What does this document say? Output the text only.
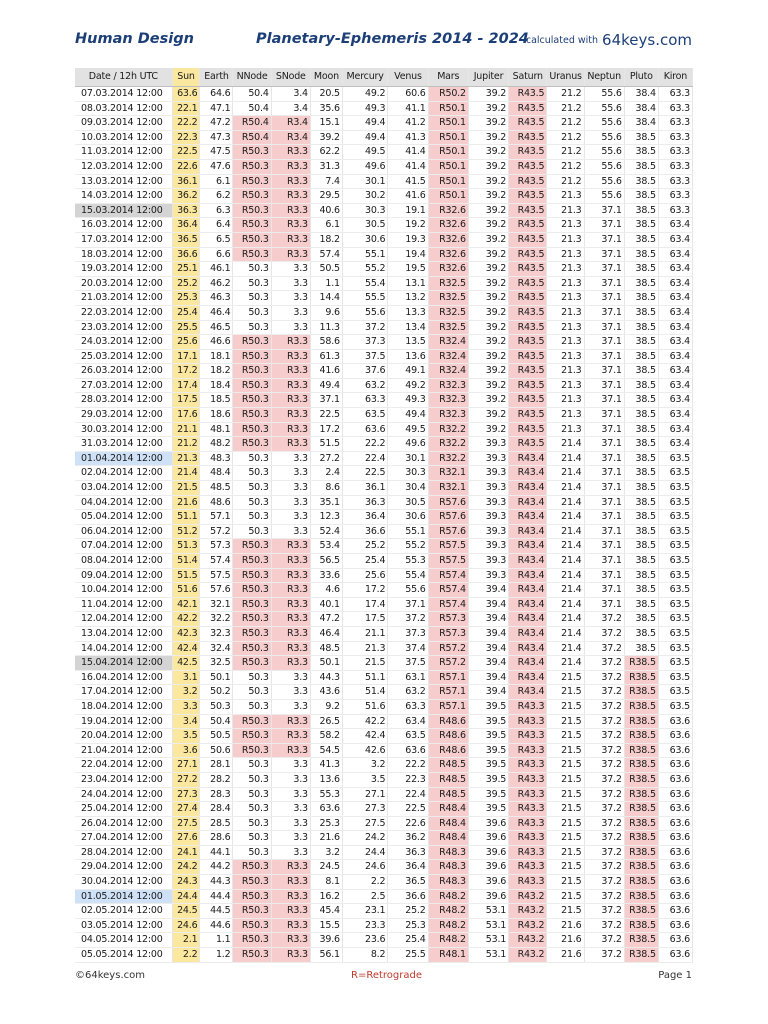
Human Design	Planetary-Ephemeris 2014 - 2024
calculated with 64keys.com
Date / 12h UTC	Sun	Earth	NNode	SNode	Moon	Mercury	Venus	Mars	Jupiter	Saturn	Uranus	Neptun	Pluto	Kiron
07.03.2014 12:00	63.6	64.6	50.4	3.4	20.5	49.2	60.6	R50.2	39.2	R43.5	21.2	55.6	38.4	63.3
08.03.2014 12:00	22.1	47.1	50.4	3.4	35.6	49.3	41.1	R50.1	39.2	R43.5	21.2	55.6	38.4	63.3
09.03.2014 12:00	22.2	47.2	R50.4	R3.4	15.1	49.4	41.2	R50.1	39.2	R43.5	21.2	55.6	38.4	63.3
10.03.2014 12:00	22.3	47.3	R50.4	R3.4	39.2	49.4	41.3	R50.1	39.2	R43.5	21.2	55.6	38.5	63.3
11.03.2014 12:00	22.5	47.5	R50.3	R3.3	62.2	49.5	41.4	R50.1	39.2	R43.5	21.2	55.6	38.5	63.3
12.03.2014 12:00	22.6	47.6	R50.3	R3.3	31.3	49.6	41.4	R50.1	39.2	R43.5	21.2	55.6	38.5	63.3
13.03.2014 12:00	36.1	6.1	R50.3	R3.3	7.4	30.1	41.5	R50.1	39.2	R43.5	21.2	55.6	38.5	63.3
14.03.2014 12:00	36.2	6.2	R50.3	R3.3	29.5	30.2	41.6	R50.1	39.2	R43.5	21.3	55.6	38.5	63.3
15.03.2014 12:00	36.3	6.3	R50.3	R3.3	40.6	30.3	19.1	R32.6	39.2	R43.5	21.3	37.1	38.5	63.3
16.03.2014 12:00	36.4	6.4	R50.3	R3.3	6.1	30.5	19.2	R32.6	39.2	R43.5	21.3	37.1	38.5	63.4
17.03.2014 12:00	36.5	6.5	R50.3	R3.3	18.2	30.6	19.3	R32.6	39.2	R43.5	21.3	37.1	38.5	63.4
18.03.2014 12:00	36.6	6.6	R50.3	R3.3	57.4	55.1	19.4	R32.6	39.2	R43.5	21.3	37.1	38.5	63.4
19.03.2014 12:00	25.1	46.1	50.3	3.3	50.5	55.2	19.5	R32.6	39.2	R43.5	21.3	37.1	38.5	63.4
20.03.2014 12:00	25.2	46.2	50.3	3.3	1.1	55.4	13.1	R32.5	39.2	R43.5	21.3	37.1	38.5	63.4
21.03.2014 12:00	25.3	46.3	50.3	3.3	14.4	55.5	13.2	R32.5	39.2	R43.5	21.3	37.1	38.5	63.4
22.03.2014 12:00	25.4	46.4	50.3	3.3	9.6	55.6	13.3	R32.5	39.2	R43.5	21.3	37.1	38.5	63.4
23.03.2014 12:00	25.5	46.5	50.3	3.3	11.3	37.2	13.4	R32.5	39.2	R43.5	21.3	37.1	38.5	63.4
24.03.2014 12:00	25.6	46.6	R50.3	R3.3	58.6	37.3	13.5	R32.4	39.2	R43.5	21.3	37.1	38.5	63.4
25.03.2014 12:00	17.1	18.1	R50.3	R3.3	61.3	37.5	13.6	R32.4	39.2	R43.5	21.3	37.1	38.5	63.4
26.03.2014 12:00	17.2	18.2	R50.3	R3.3	41.6	37.6	49.1	R32.4	39.2	R43.5	21.3	37.1	38.5	63.4
27.03.2014 12:00	17.4	18.4	R50.3	R3.3	49.4	63.2	49.2	R32.3	39.2	R43.5	21.3	37.1	38.5	63.4
28.03.2014 12:00	17.5	18.5	R50.3	R3.3	37.1	63.3	49.3	R32.3	39.2	R43.5	21.3	37.1	38.5	63.4
29.03.2014 12:00	17.6	18.6	R50.3	R3.3	22.5	63.5	49.4	R32.3	39.2	R43.5	21.3	37.1	38.5	63.4
30.03.2014 12:00	21.1	48.1	R50.3	R3.3	17.2	63.6	49.5	R32.2	39.2	R43.5	21.3	37.1	38.5	63.4
31.03.2014 12:00	21.2	48.2	R50.3	R3.3	51.5	22.2	49.6	R32.2	39.3	R43.5	21.4	37.1	38.5	63.4
01.04.2014 12:00	21.3	48.3	50.3	3.3	27.2	22.4	30.1	R32.2	39.3	R43.4	21.4	37.1	38.5	63.5
02.04.2014 12:00	21.4	48.4	50.3	3.3	2.4	22.5	30.3	R32.1	39.3	R43.4	21.4	37.1	38.5	63.5
03.04.2014 12:00	21.5	48.5	50.3	3.3	8.6	36.1	30.4	R32.1	39.3	R43.4	21.4	37.1	38.5	63.5
04.04.2014 12:00	21.6	48.6	50.3	3.3	35.1	36.3	30.5	R57.6	39.3	R43.4	21.4	37.1	38.5	63.5
05.04.2014 12:00	51.1	57.1	50.3	3.3	12.3	36.4	30.6	R57.6	39.3	R43.4	21.4	37.1	38.5	63.5
06.04.2014 12:00	51.2	57.2	50.3	3.3	52.4	36.6	55.1	R57.6	39.3	R43.4	21.4	37.1	38.5	63.5
07.04.2014 12:00	51.3	57.3	R50.3	R3.3	53.4	25.2	55.2	R57.5	39.3	R43.4	21.4	37.1	38.5	63.5
08.04.2014 12:00	51.4	57.4	R50.3	R3.3	56.5	25.4	55.3	R57.5	39.3	R43.4	21.4	37.1	38.5	63.5
09.04.2014 12:00	51.5	57.5	R50.3	R3.3	33.6	25.6	55.4	R57.4	39.3	R43.4	21.4	37.1	38.5	63.5
10.04.2014 12:00	51.6	57.6	R50.3	R3.3	4.6	17.2	55.6	R57.4	39.4	R43.4	21.4	37.1	38.5	63.5
11.04.2014 12:00	42.1	32.1	R50.3	R3.3	40.1	17.4	37.1	R57.4	39.4	R43.4	21.4	37.1	38.5	63.5
12.04.2014 12:00	42.2	32.2	R50.3	R3.3	47.2	17.5	37.2	R57.3	39.4	R43.4	21.4	37.2	38.5	63.5
13.04.2014 12:00	42.3	32.3	R50.3	R3.3	46.4	21.1	37.3	R57.3	39.4	R43.4	21.4	37.2	38.5	63.5
14.04.2014 12:00	42.4	32.4	R50.3	R3.3	48.5	21.3	37.4	R57.2	39.4	R43.4	21.4	37.2	38.5	63.5
15.04.2014 12:00	42.5	32.5	R50.3	R3.3	50.1	21.5	37.5	R57.2	39.4	R43.4	21.4	37.2	R38.5	63.5
16.04.2014 12:00	3.1	50.1	50.3	3.3	44.3	51.1	63.1	R57.1	39.4	R43.4	21.5	37.2	R38.5	63.5
17.04.2014 12:00	3.2	50.2	50.3	3.3	43.6	51.4	63.2	R57.1	39.4	R43.4	21.5	37.2	R38.5	63.5
18.04.2014 12:00	3.3	50.3	50.3	3.3	9.2	51.6	63.3	R57.1	39.5	R43.3	21.5	37.2	R38.5	63.5
19.04.2014 12:00	3.4	50.4	R50.3	R3.3	26.5	42.2	63.4	R48.6	39.5	R43.3	21.5	37.2	R38.5	63.6
20.04.2014 12:00	3.5	50.5	R50.3	R3.3	58.2	42.4	63.5	R48.6	39.5	R43.3	21.5	37.2	R38.5	63.6
21.04.2014 12:00	3.6	50.6	R50.3	R3.3	54.5	42.6	63.6	R48.6	39.5	R43.3	21.5	37.2	R38.5	63.6
22.04.2014 12:00	27.1	28.1	50.3	3.3	41.3	3.2	22.2	R48.5	39.5	R43.3	21.5	37.2	R38.5	63.6
23.04.2014 12:00	27.2	28.2	50.3	3.3	13.6	3.5	22.3	R48.5	39.5	R43.3	21.5	37.2	R38.5	63.6
24.04.2014 12:00	27.3	28.3	50.3	3.3	55.3	27.1	22.4	R48.5	39.5	R43.3	21.5	37.2	R38.5	63.6
25.04.2014 12:00	27.4	28.4	50.3	3.3	63.6	27.3	22.5	R48.4	39.5	R43.3	21.5	37.2	R38.5	63.6
26.04.2014 12:00	27.5	28.5	50.3	3.3	25.3	27.5	22.6	R48.4	39.6	R43.3	21.5	37.2	R38.5	63.6
27.04.2014 12:00	27.6	28.6	50.3	3.3	21.6	24.2	36.2	R48.4	39.6	R43.3	21.5	37.2	R38.5	63.6
28.04.2014 12:00	24.1	44.1	50.3	3.3	3.2	24.4	36.3	R48.3	39.6	R43.3	21.5	37.2	R38.5	63.6
29.04.2014 12:00	24.2	44.2	R50.3	R3.3	24.5	24.6	36.4	R48.3	39.6	R43.3	21.5	37.2	R38.5	63.6
30.04.2014 12:00	24.3	44.3	R50.3	R3.3	8.1	2.2	36.5	R48.3	39.6	R43.3	21.5	37.2	R38.5	63.6
01.05.2014 12:00	24.4	44.4	R50.3	R3.3	16.2	2.5	36.6	R48.2	39.6	R43.2	21.5	37.2	R38.5	63.6
02.05.2014 12:00	24.5	44.5	R50.3	R3.3	45.4	23.1	25.2	R48.2	53.1	R43.2	21.5	37.2	R38.5	63.6
03.05.2014 12:00	24.6	44.6	R50.3	R3.3	15.5	23.3	25.3	R48.2	53.1	R43.2	21.6	37.2	R38.5	63.6
04.05.2014 12:00	2.1	1.1	R50.3	R3.3	39.6	23.6	25.4	R48.2	53.1	R43.2	21.6	37.2	R38.5	63.6
05.05.2014 12:00	2.2	1.2	R50.3	R3.3	56.1	8.2	25.5	R48.1	53.1	R43.2	21.6	37.2	R38.5	63.6
©64keys.com	R=Retrograde	Page 1
